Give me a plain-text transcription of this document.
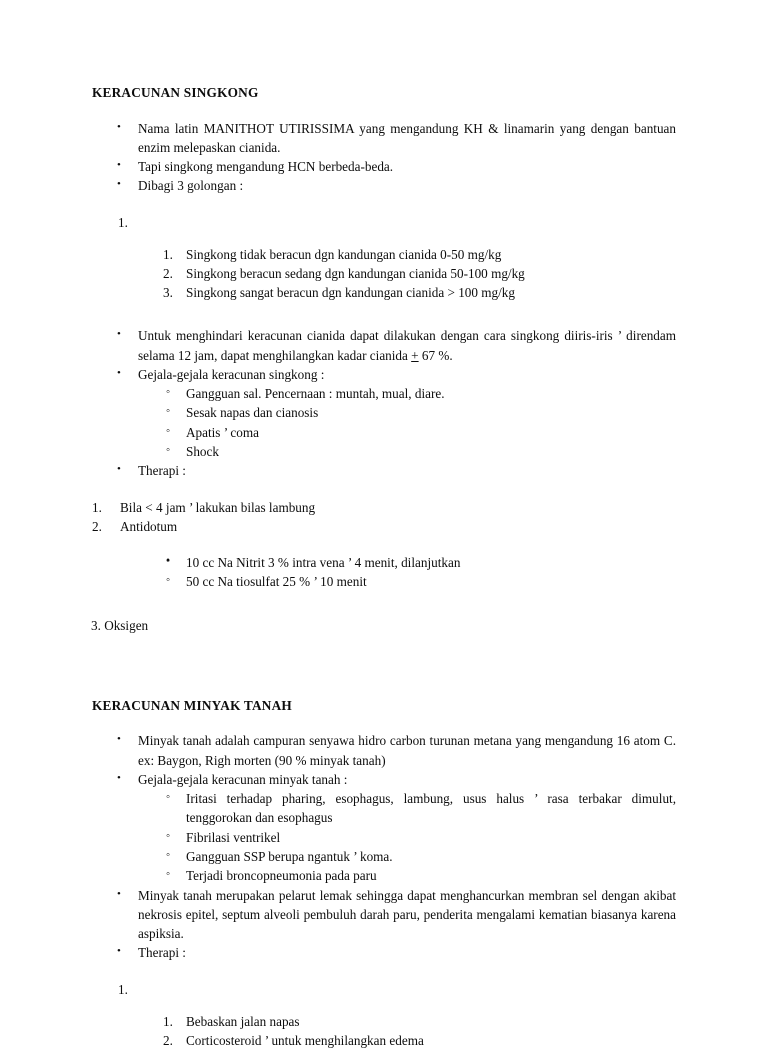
KERACUNAN SINGKONG
•
Nama latin MANITHOT UTIRISSIMA yang mengandung KH & linamarin yang dengan bantuan enzim melepaskan cianida.
•
Tapi singkong mengandung HCN berbeda-beda.
•
Dibagi 3 golongan :
1.
1. Singkong tidak beracun dgn kandungan cianida 0-50 mg/kg
2. Singkong beracun sedang dgn kandungan cianida 50-100 mg/kg
3. Singkong sangat beracun dgn kandungan cianida > 100 mg/kg
•
Untuk menghindari keracunan cianida dapat dilakukan dengan cara singkong diiris-iris ’ direndam selama 12 jam, dapat menghilangkan kadar cianida + 67 %.
•
Gejala-gejala keracunan singkong :
◦
Gangguan sal. Pencernaan : muntah, mual, diare.
◦
Sesak napas dan cianosis
◦
Apatis ’ coma
◦
Shock
•
Therapi :
1. Bila < 4 jam ’ lakukan bilas lambung
2. Antidotum
•
◦
10 cc Na Nitrit 3 % intra vena ’ 4 menit, dilanjutkan
◦
50 cc Na tiosulfat 25 % ’ 10 menit

3. Oksigen

KERACUNAN MINYAK TANAH
•
Minyak tanah adalah campuran senyawa hidro carbon turunan metana yang mengandung 16 atom C. ex: Baygon, Righ morten (90 % minyak tanah)
•
Gejala-gejala keracunan minyak tanah :
◦
Iritasi terhadap pharing, esophagus, lambung, usus halus ’ rasa terbakar dimulut, tenggorokan dan esophagus
◦
Fibrilasi ventrikel
◦
Gangguan SSP berupa ngantuk ’ koma.
◦
Terjadi broncopneumonia pada paru
•
Minyak tanah merupakan pelarut lemak sehingga dapat menghancurkan membran sel dengan akibat nekrosis epitel, septum alveoli pembuluh darah paru, penderita mengalami kematian biasanya karena aspiksia.
•
Therapi :
1.
1. Bebaskan jalan napas
2. Corticosteroid ’ untuk menghilangkan edema
